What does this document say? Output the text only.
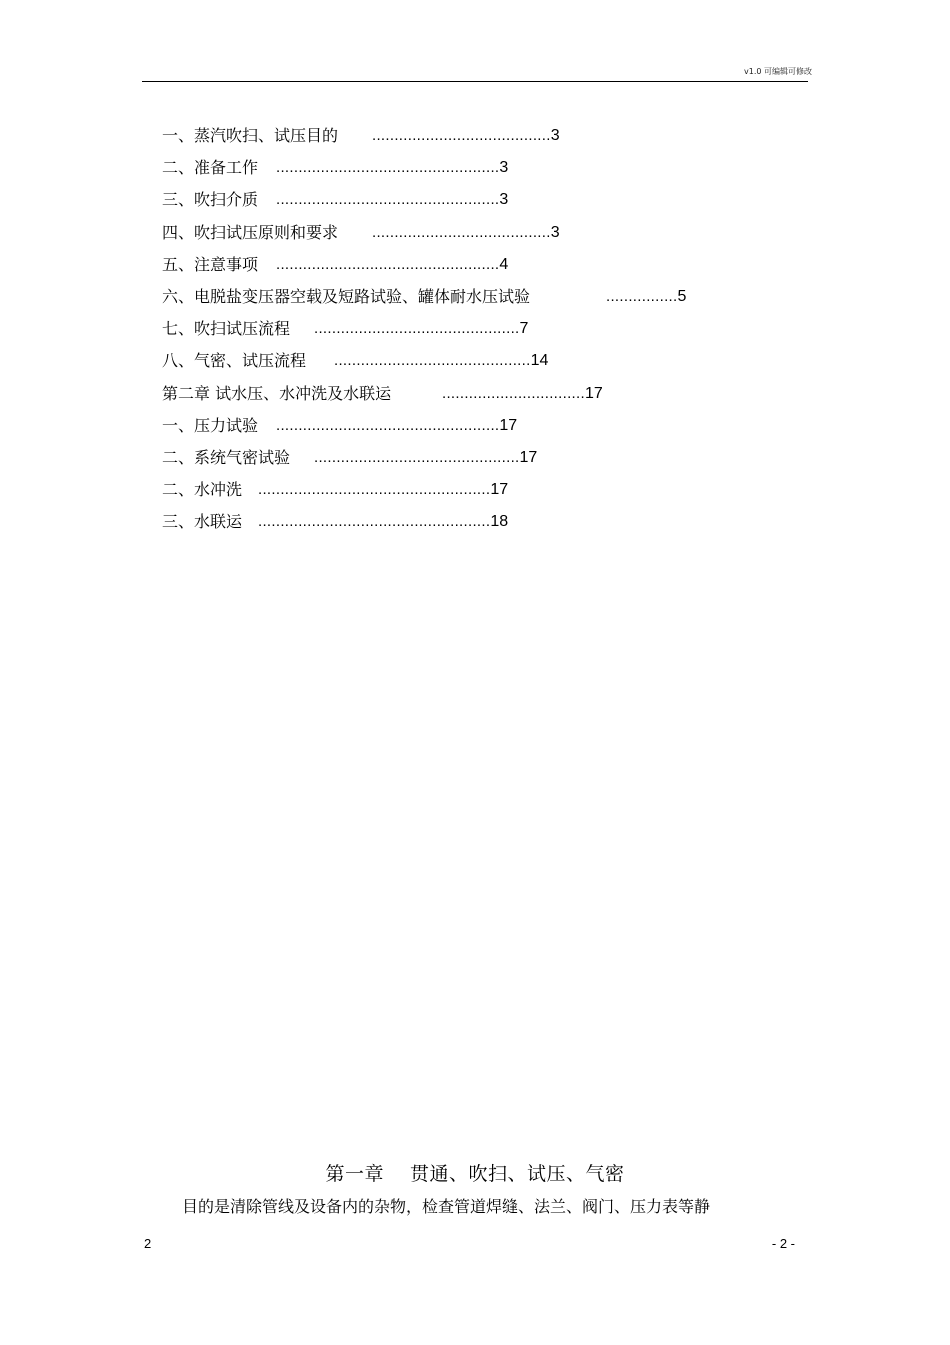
v1.0 可编辑可修改
一、蒸汽吹扫、试压目的 ........................................3
二、准备工作 ..................................................3
三、吹扫介质 ..................................................3
四、吹扫试压原则和要求 ........................................3
五、注意事项 ..................................................4
六、电脱盐变压器空载及短路试验、罐体耐水压试验	................5
七、吹扫试压流程 ..............................................7
八、气密、试压流程 ............................................14
第二章 试水压、水冲洗及水联运	................................17
一、压力试验 ..................................................17
二、系统气密试验 ..............................................17
二、水冲洗 ....................................................17
三、水联运 ....................................................18
第一章 贯通、吹扫、试压、气密
目的是清除管线及设备内的杂物，检查管道焊缝、法兰、阀门、压力表等静
2	- 2 -
